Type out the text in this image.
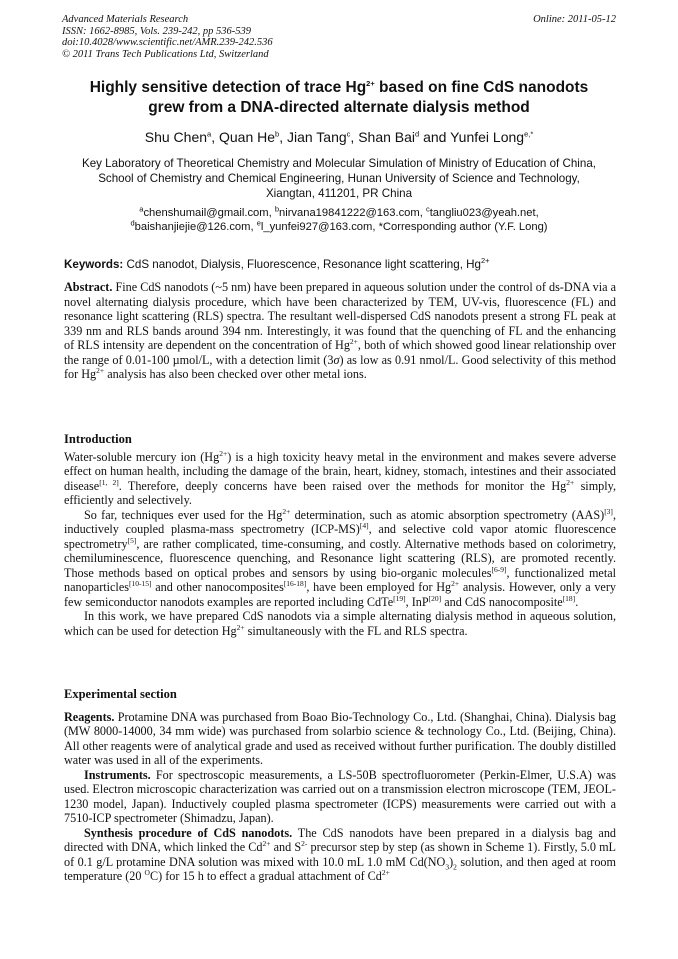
Advanced Materials Research
ISSN: 1662-8985, Vols. 239-242, pp 536-539
doi:10.4028/www.scientific.net/AMR.239-242.536
© 2011 Trans Tech Publications Ltd, Switzerland
Online: 2011-05-12
Highly sensitive detection of trace $Hg^{2+}$ based on fine CdS nanodots
grew from a DNA-directed alternate dialysis method
Shu Chen$^a$, Quan He$^b$, Jian Tang$^c$, Shan Bai$^d$ and Yunfei Long$^{e,*}$
Key Laboratory of Theoretical Chemistry and Molecular Simulation of Ministry of Education of China,
School of Chemistry and Chemical Engineering, Hunan University of Science and Technology,
Xiangtan, 411201, PR China
$^a$chenshumail@gmail.com, $^b$nirvana19841222@163.com, $^c$tangliu023@yeah.net,
$^d$baishanjiejie@126.com, $^e$l_yunfei927@163.com, *Corresponding author (Y.F. Long)
Keywords: CdS nanodot, Dialysis, Fluorescence, Resonance light scattering, $Hg^{2+}$

Abstract. Fine CdS nanodots (~5 nm) have been prepared in aqueous solution under the control of ds-DNA via a novel alternating dialysis procedure, which have been characterized by TEM, UV-vis, fluorescence (FL) and resonance light scattering (RLS) spectra. The resultant well-dispersed CdS nanodots present a strong FL peak at 339 nm and RLS bands around 394 nm. Interestingly, it was found that the quenching of FL and the enhancing of RLS intensity are dependent on the concentration of $Hg^{2+}$, both of which showed good linear relationship over the range of 0.01-100 µmol/L, with a detection limit (3σ) as low as 0.91 nmol/L. Good selectivity of this method for $Hg^{2+}$ analysis has also been checked over other metal ions.

Introduction

Water-soluble mercury ion $(Hg^{2+})$ is a high toxicity heavy metal in the environment and makes severe adverse effect on human health, including the damage of the brain, heart, kidney, stomach, intestines and their associated disease[1, 2]. Therefore, deeply concerns have been raised over the methods for monitor the $Hg^{2+}$ simply, efficiently and selectively.

So far, techniques ever used for the $Hg^{2+}$ determination, such as atomic absorption spectrometry (AAS)[3], inductively coupled plasma-mass spectrometry (ICP-MS)[4], and selective cold vapor atomic fluorescence spectrometry[5], are rather complicated, time-consuming, and costly. Alternative methods based on colorimetry, chemiluminescence, fluorescence quenching, and Resonance light scattering (RLS), are promoted recently. Those methods based on optical probes and sensors by using bio-organic molecules[6-9], functionalized metal nanoparticles[10-15] and other nanocomposites[16-18], have been employed for $Hg^{2+}$ analysis. However, only a very few semiconductor nanodots examples are reported including CdTe[19], InP[20] and CdS nanocomposite[18].

In this work, we have prepared CdS nanodots via a simple alternating dialysis method in aqueous solution, which can be used for detection $Hg^{2+}$ simultaneously with the FL and RLS spectra.

Experimental section

Reagents. Protamine DNA was purchased from Boao Bio-Technology Co., Ltd. (Shanghai, China). Dialysis bag (MW 8000-14000, 34 mm wide) was purchased from solarbio science & technology Co., Ltd. (Beijing, China). All other reagents were of analytical grade and used as received without further purification. The doubly distilled water was used in all of the experiments.

Instruments. For spectroscopic measurements, a LS-50B spectrofluorometer (Perkin-Elmer, U.S.A) was used. Electron microscopic characterization was carried out on a transmission electron microscope (TEM, JEOL-1230 model, Japan). Inductively coupled plasma spectrometer (ICPS) measurements were carried out with a 7510-ICP spectrometer (Shimadzu, Japan).

Synthesis procedure of CdS nanodots. The CdS nanodots have been prepared in a dialysis bag and directed with DNA, which linked the $Cd^{2+}$ and $S^{2-}$ precursor step by step (as shown in Scheme 1). Firstly, 5.0 mL of 0.1 g/L protamine DNA solution was mixed with 10.0 mL 1.0 mM $Cd(NO_3)_2$ solution, and then aged at room temperature (20 $^O$C) for 15 h to effect a gradual attachment of $Cd^{2+}$
